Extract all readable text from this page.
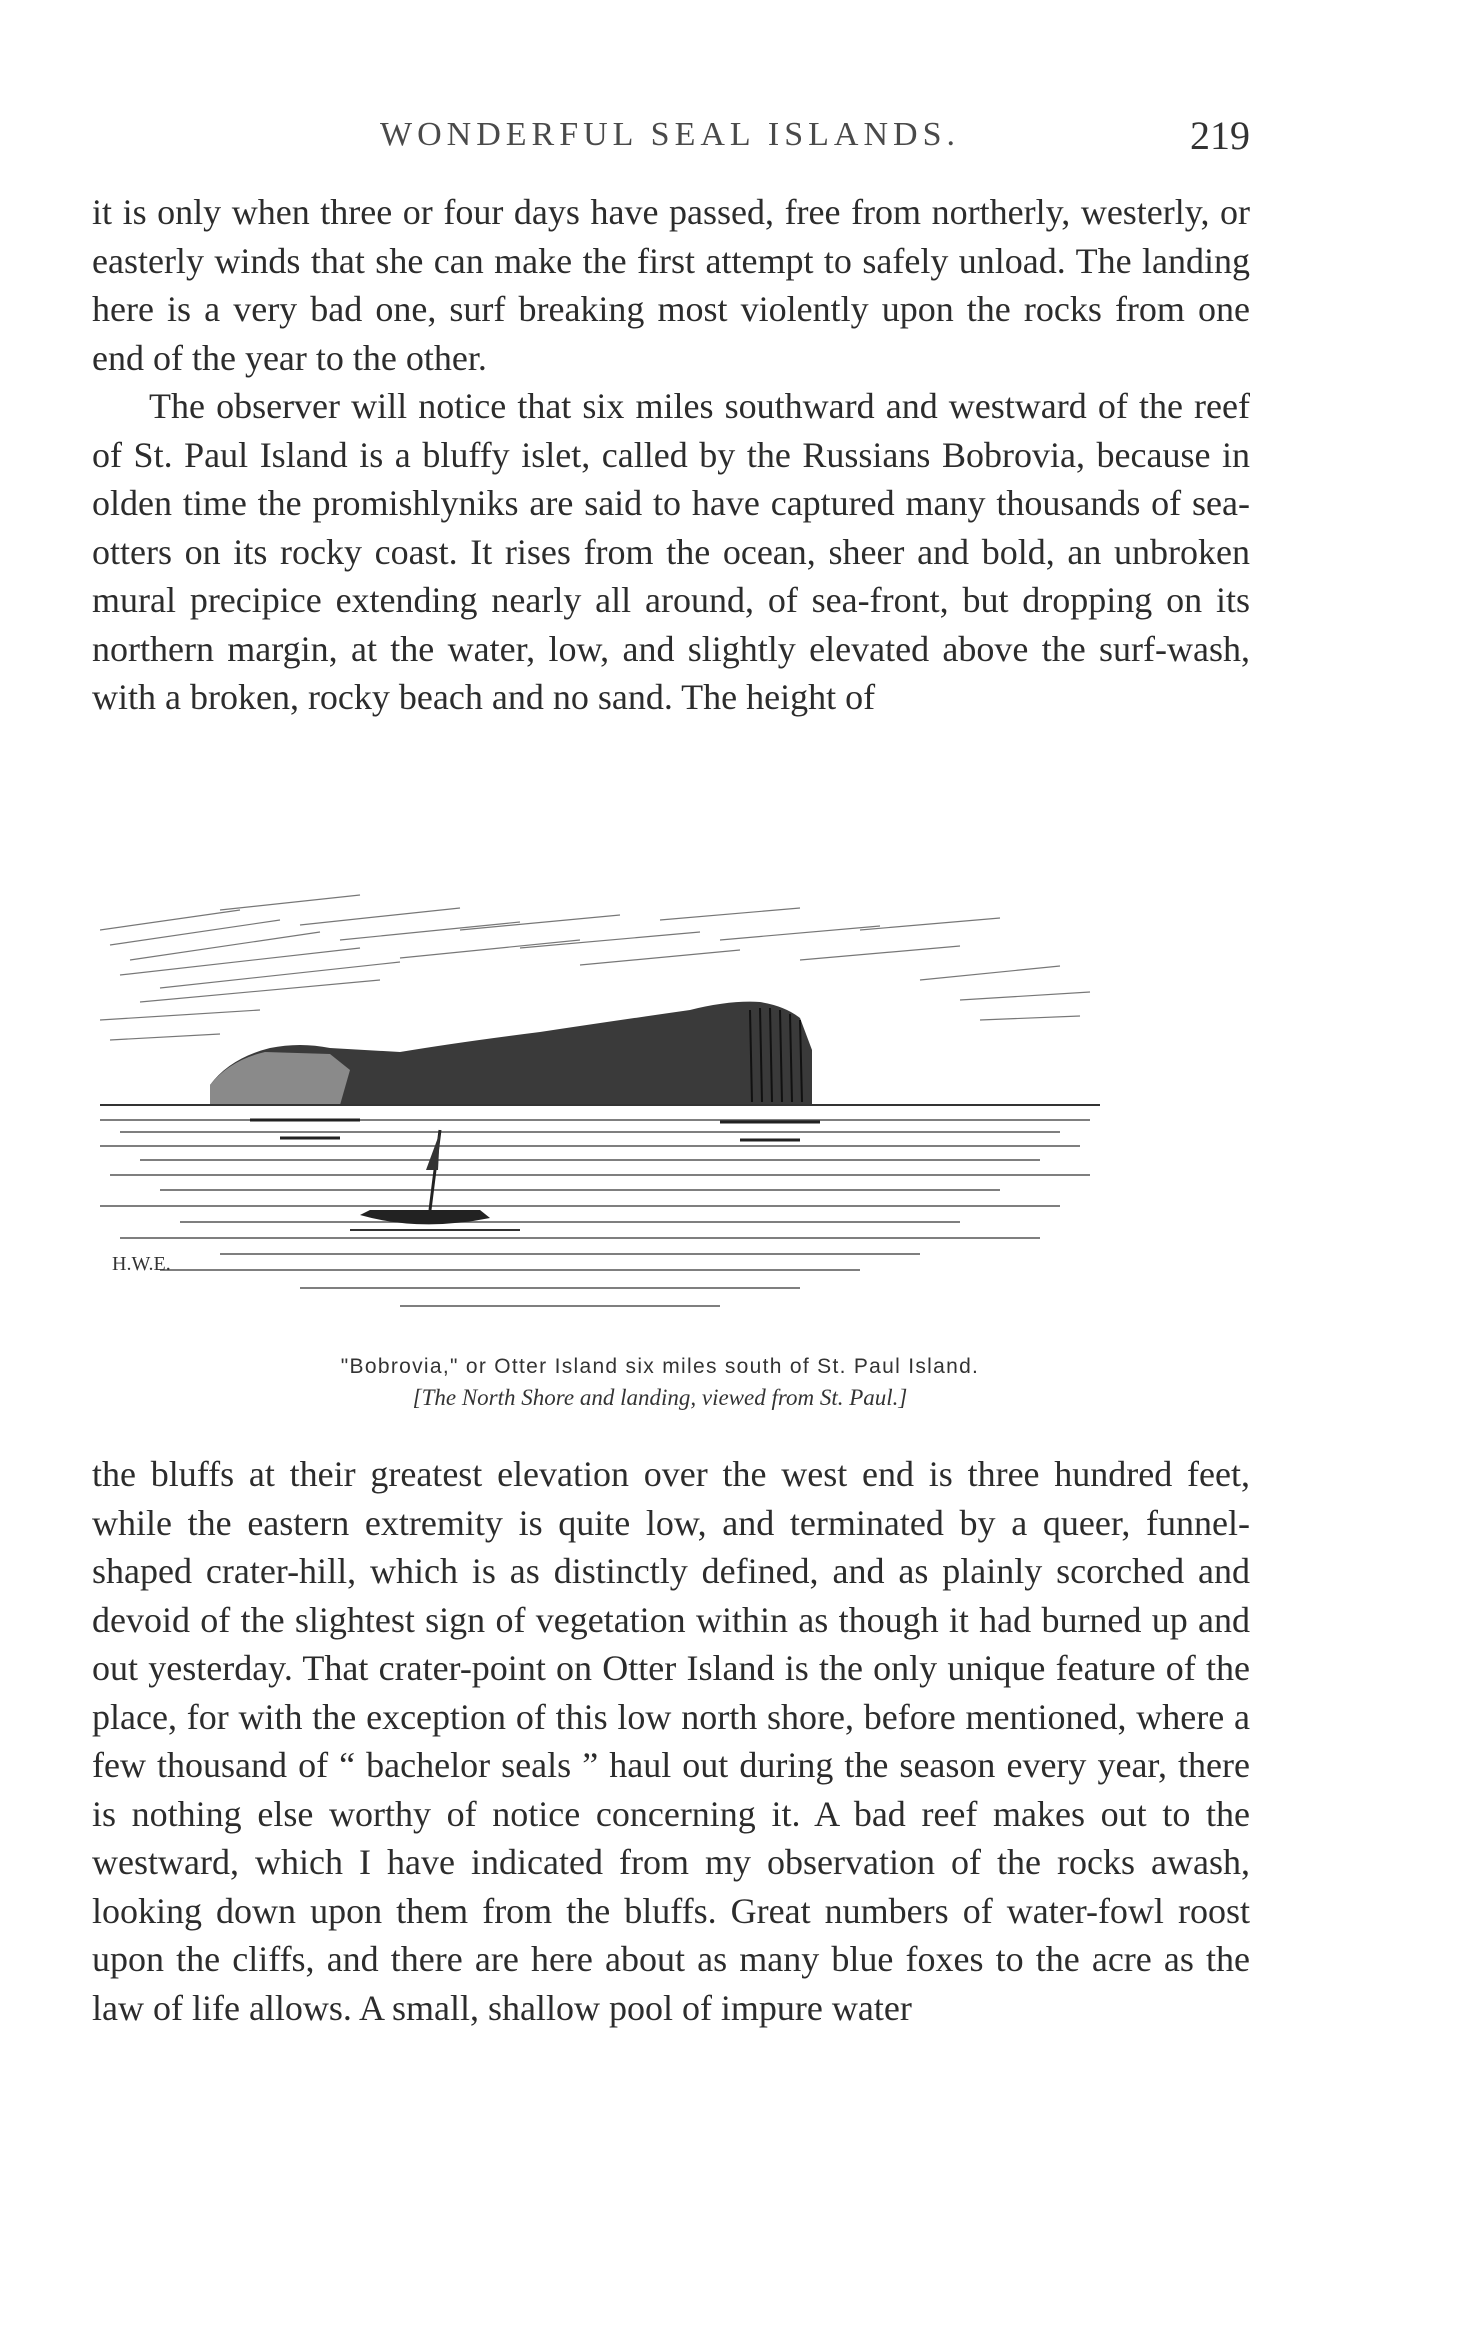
WONDERFUL SEAL ISLANDS.	219

it is only when three or four days have passed, free from northerly, westerly, or easterly winds that she can make the first attempt to safely unload. The landing here is a very bad one, surf breaking most violently upon the rocks from one end of the year to the other.

The observer will notice that six miles southward and westward of the reef of St. Paul Island is a bluffy islet, called by the Russians Bobrovia, because in olden time the promishlyniks are said to have captured many thousands of sea-otters on its rocky coast. It rises from the ocean, sheer and bold, an unbroken mural precipice extending nearly all around, of sea-front, but dropping on its northern margin, at the water, low, and slightly elevated above the surf-wash, with a broken, rocky beach and no sand. The height of

H.W.E.
"Bobrovia," or Otter Island six miles south of St. Paul Island.
[The North Shore and landing, viewed from St. Paul.]

the bluffs at their greatest elevation over the west end is three hundred feet, while the eastern extremity is quite low, and terminated by a queer, funnel-shaped crater-hill, which is as distinctly defined, and as plainly scorched and devoid of the slightest sign of vegetation within as though it had burned up and out yesterday. That crater-point on Otter Island is the only unique feature of the place, for with the exception of this low north shore, before mentioned, where a few thousand of “ bachelor seals ” haul out during the season every year, there is nothing else worthy of notice concerning it. A bad reef makes out to the westward, which I have indicated from my observation of the rocks awash, looking down upon them from the bluffs. Great numbers of water-fowl roost upon the cliffs, and there are here about as many blue foxes to the acre as the law of life allows. A small, shallow pool of impure water
